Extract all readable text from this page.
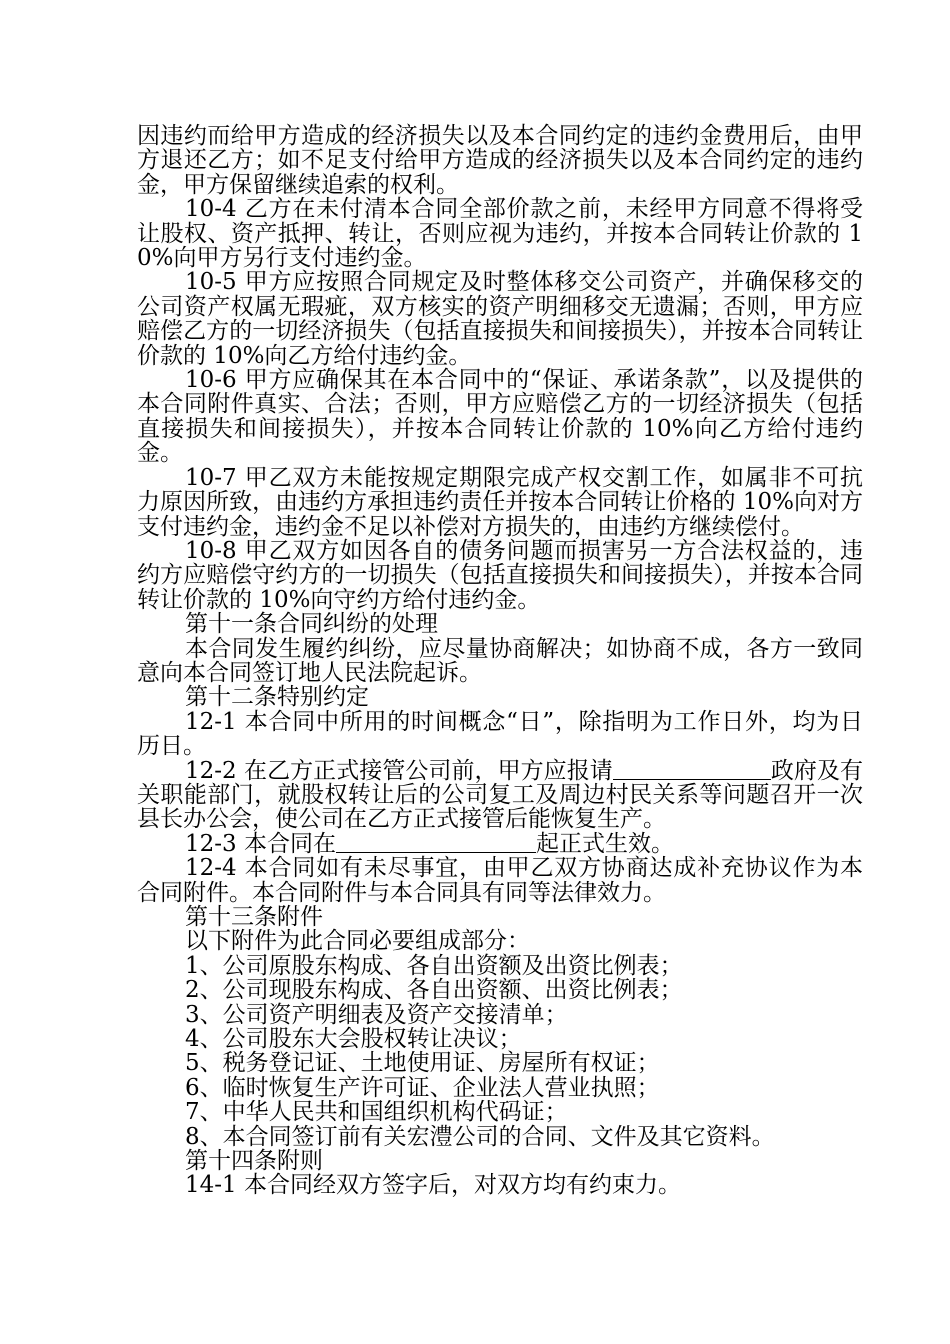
因违约而给甲方造成的经济损失以及本合同约定的违约金费用后，由甲方退还乙方；如不足支付给甲方造成的经济损失以及本合同约定的违约金，甲方保留继续追索的权利。

10-4 乙方在未付清本合同全部价款之前，未经甲方同意不得将受让股权、资产抵押、转让，否则应视为违约，并按本合同转让价款的 10%向甲方另行支付违约金。

10-5 甲方应按照合同规定及时整体移交公司资产，并确保移交的公司资产权属无瑕疵，双方核实的资产明细移交无遗漏；否则，甲方应赔偿乙方的一切经济损失（包括直接损失和间接损失），并按本合同转让价款的 10%向乙方给付违约金。

10-6 甲方应确保其在本合同中的“保证、承诺条款”，以及提供的本合同附件真实、合法；否则，甲方应赔偿乙方的一切经济损失（包括直接损失和间接损失），并按本合同转让价款的 10%向乙方给付违约金。

10-7 甲乙双方未能按规定期限完成产权交割工作，如属非不可抗力原因所致，由违约方承担违约责任并按本合同转让价格的 10%向对方支付违约金，违约金不足以补偿对方损失的，由违约方继续偿付。

10-8 甲乙双方如因各自的债务问题而损害另一方合法权益的，违约方应赔偿守约方的一切损失（包括直接损失和间接损失），并按本合同转让价款的 10%向守约方给付违约金。

第十一条合同纠纷的处理

本合同发生履约纠纷，应尽量协商解决；如协商不成，各方一致同意向本合同签订地人民法院起诉。

第十二条特别约定

12-1 本合同中所用的时间概念“日”，除指明为工作日外，均为日历日。

12-2 在乙方正式接管公司前，甲方应报请	政府及有关职能部门，就股权转让后的公司复工及周边村民关系等问题召开一次县长办公会，使公司在乙方正式接管后能恢复生产。

12-3 本合同在	起正式生效。

12-4 本合同如有未尽事宜，由甲乙双方协商达成补充协议作为本合同附件。本合同附件与本合同具有同等法律效力。

第十三条附件

以下附件为此合同必要组成部分：

1、公司原股东构成、各自出资额及出资比例表；

2、公司现股东构成、各自出资额、出资比例表；

3、公司资产明细表及资产交接清单；

4、公司股东大会股权转让决议；

5、税务登记证、土地使用证、房屋所有权证；

6、临时恢复生产许可证、企业法人营业执照；

7、中华人民共和国组织机构代码证；

8、本合同签订前有关宏澧公司的合同、文件及其它资料。

第十四条附则

14-1 本合同经双方签字后，对双方均有约束力。
